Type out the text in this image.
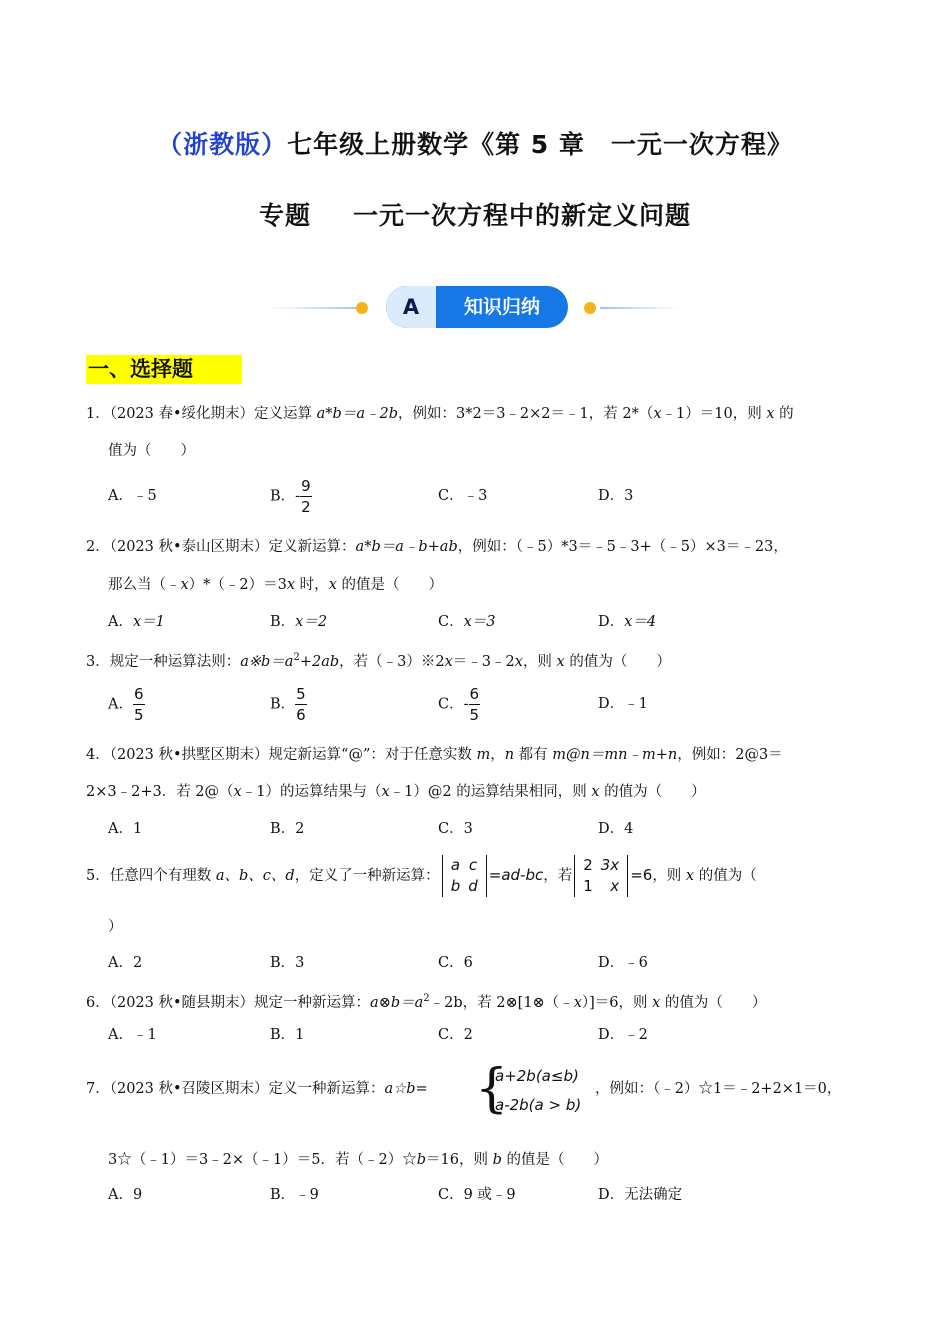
（浙教版）七年级上册数学《第 5 章　一元一次方程》
专题 一元一次方程中的新定义问题
A	知识归纳
一、选择题
1．（2023 春•绥化期末）定义运算 a*b＝a﹣2b，例如：3*2＝3﹣2×2＝﹣1，若 2*（x﹣1）＝10，则 x 的
值为（　　）
A．﹣5	B．- $\frac{9}{2}$	C．﹣3	D．3
2．（2023 秋•泰山区期末）定义新运算：a*b＝a﹣b+ab，例如：（﹣5）*3＝﹣5﹣3+（﹣5）×3＝﹣23，
那么当（﹣x）*（﹣2）＝3x 时，x 的值是（　　）
A．x＝1	B．x＝2	C．x＝3	D．x＝4
3．规定一种运算法则：$a※b=a^2+2ab$，若（﹣3）※2x＝﹣3﹣2x，则 x 的值为（　　）
A． $\frac{6}{5}$	B． $\frac{5}{6}$	C．- $\frac{6}{5}$	D．﹣1
4．（2023 秋•拱墅区期末）规定新运算“@”：对于任意实数 m，n 都有 m@n＝mn﹣m+n，例如：2@3＝
2×3﹣2+3．若 2@（x﹣1）的运算结果与（x﹣1）@2 的运算结果相同，则 x 的值为（　　）
A．1	B．2	C．3	D．4
5．任意四个有理数 a、b、c、d，定义了一种新运算：
a	c
b	d
=ad-bc，若
2	3x
1	x
=6，则 x 的值为（
）
A．2	B．3	C．6	D．﹣6
6．（2023 秋•随县期末）规定一种新运算：$a\otimes b=a^2﹣2b$，若 2⊗[1⊗（﹣x）]＝6，则 x 的值为（　　）
A．﹣1	B．1	C．2	D．﹣2
7．（2023 秋•召陵区期末）定义一种新运算：a☆b= {
a+2b(a≤b)
a-2b(a > b)
，例如：（﹣2）☆1＝﹣2+2×1＝0，
3☆（﹣1）＝3﹣2×（﹣1）＝5．若（﹣2）☆b＝16，则 b 的值是（　　）
A．9	B．﹣9	C．9 或﹣9	D．无法确定
